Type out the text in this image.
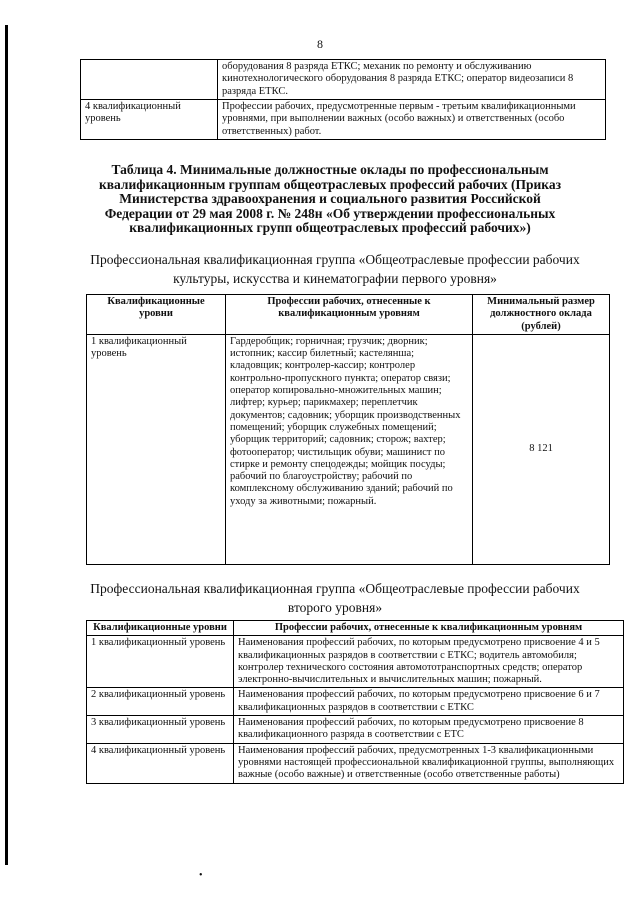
8
	оборудования 8 разряда ЕТКС; механик по ремонту и обслуживанию кинотехнологического оборудования 8 разряда ЕТКС; оператор видеозаписи 8 разряда ЕТКС.
4 квалификационный уровень	Профессии рабочих, предусмотренные первым - третьим квалификационными уровнями, при выполнении важных (особо важных) и ответственных (особо ответственных) работ.
Таблица 4. Минимальные должностные оклады по профессиональным квалификационным группам общеотраслевых профессий рабочих (Приказ Министерства здравоохранения и социального развития Российской Федерации от 29 мая 2008 г. № 248н «Об утверждении профессиональных квалификационных групп общеотраслевых профессий рабочих»)
Профессиональная квалификационная группа «Общеотраслевые профессии рабочих культуры, искусства и кинематографии первого уровня»
Квалификационные уровни	Профессии рабочих, отнесенные к квалификационным уровням	Минимальный размер должностного оклада (рублей)
1 квалификационный уровень	Гардеробщик; горничная; грузчик; дворник; истопник; кассир билетный; кастелянша; кладовщик; контролер-кассир; контролер контрольно-пропускного пункта; оператор связи; оператор копировально-множительных машин; лифтер; курьер; парикмахер; переплетчик документов; садовник; уборщик производственных помещений; уборщик служебных помещений; уборщик территорий; садовник; сторож; вахтер; фотооператор; чистильщик обуви; машинист по стирке и ремонту спецодежды; мойщик посуды; рабочий по благоустройству; рабочий по комплексному обслуживанию зданий; рабочий по уходу за животными; пожарный.	8 121
Профессиональная квалификационная группа «Общеотраслевые профессии рабочих второго уровня»
Квалификационные уровни	Профессии рабочих, отнесенные к квалификационным уровням
1 квалификационный уровень	Наименования профессий рабочих, по которым предусмотрено присвоение 4 и 5 квалификационных разрядов в соответствии с ЕТКС; водитель автомобиля; контролер технического состояния автомототранспортных средств; оператор электронно-вычислительных и вычислительных машин; пожарный.
2 квалификационный уровень	Наименования профессий рабочих, по которым предусмотрено присвоение 6 и 7 квалификационных разрядов в соответствии с ЕТКС
3 квалификационный уровень	Наименования профессий рабочих, по которым предусмотрено присвоение 8 квалификационного разряда в соответствии с ЕТС
4 квалификационный уровень	Наименования профессий рабочих, предусмотренных 1-3 квалификационными уровнями настоящей профессиональной квалификационной группы, выполняющих важные (особо важные) и ответственные (особо ответственные работы)
•
